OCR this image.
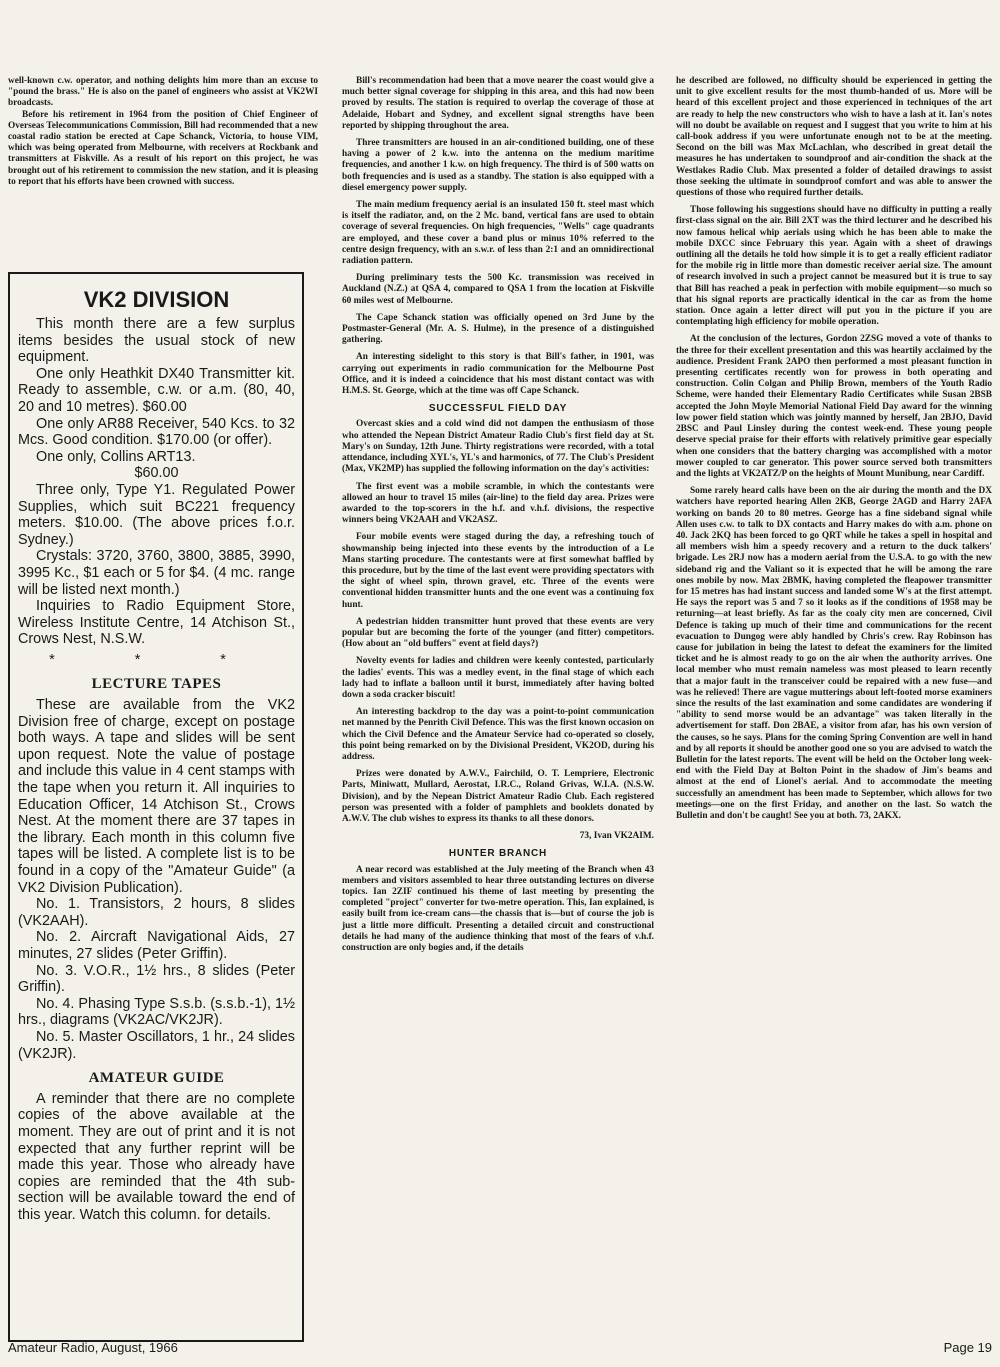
well-known c.w. operator, and nothing delights him more than an excuse to "pound the brass." He is also on the panel of engineers who assist at VK2WI broadcasts.

Before his retirement in 1964 from the position of Chief Engineer of Overseas Telecommunications Commission, Bill had recommended that a new coastal radio station be erected at Cape Schanck, Victoria, to house VIM, which was being operated from Melbourne, with receivers at Rockbank and transmitters at Fiskville. As a result of his report on this project, he was brought out of his retirement to commission the new station, and it is pleasing to report that his efforts have been crowned with success.

VK2 DIVISION

This month there are a few surplus items besides the usual stock of new equipment.

One only Heathkit DX40 Transmitter kit. Ready to assemble, c.w. or a.m. (80, 40, 20 and 10 metres). $60.00

One only AR88 Receiver, 540 Kcs. to 32 Mcs. Good condition. $170.00 (or offer).

One only, Collins ART13.

$60.00

Three only, Type Y1. Regulated Power Supplies, which suit BC221 frequency meters. $10.00. (The above prices f.o.r. Sydney.)

Crystals: 3720, 3760, 3800, 3885, 3990, 3995 Kc., $1 each or 5 for $4. (4 mc. range will be listed next month.)

Inquiries to Radio Equipment Store, Wireless Institute Centre, 14 Atchison St., Crows Nest, N.S.W.

* * *

LECTURE TAPES

These are available from the VK2 Division free of charge, except on postage both ways. A tape and slides will be sent upon request. Note the value of postage and include this value in 4 cent stamps with the tape when you return it. All inquiries to Education Officer, 14 Atchison St., Crows Nest. At the moment there are 37 tapes in the library. Each month in this column five tapes will be listed. A complete list is to be found in a copy of the "Amateur Guide" (a VK2 Division Publication).

No. 1. Transistors, 2 hours, 8 slides (VK2AAH).

No. 2. Aircraft Navigational Aids, 27 minutes, 27 slides (Peter Griffin).

No. 3. V.O.R., 1½ hrs., 8 slides (Peter Griffin).

No. 4. Phasing Type S.s.b. (s.s.b.-1), 1½ hrs., diagrams (VK2AC/VK2JR).

No. 5. Master Oscillators, 1 hr., 24 slides (VK2JR).

AMATEUR GUIDE

A reminder that there are no complete copies of the above available at the moment. They are out of print and it is not expected that any further reprint will be made this year. Those who already have copies are reminded that the 4th sub-section will be available toward the end of this year. Watch this column. for details.

Bill's recommendation had been that a move nearer the coast would give a much better signal coverage for shipping in this area, and this had now been proved by results. The station is required to overlap the coverage of those at Adelaide, Hobart and Sydney, and excellent signal strengths have been reported by shipping throughout the area.

Three transmitters are housed in an air-conditioned building, one of these having a power of 2 k.w. into the antenna on the medium maritime frequencies, and another 1 k.w. on high frequency. The third is of 500 watts on both frequencies and is used as a standby. The station is also equipped with a diesel emergency power supply.

The main medium frequency aerial is an insulated 150 ft. steel mast which is itself the radiator, and, on the 2 Mc. band, vertical fans are used to obtain coverage of several frequencies. On high frequencies, "Wells" cage quadrants are employed, and these cover a band plus or minus 10% referred to the centre design frequency, with an s.w.r. of less than 2:1 and an omnidirectional radiation pattern.

During preliminary tests the 500 Kc. transmission was received in Auckland (N.Z.) at QSA 4, compared to QSA 1 from the location at Fiskville 60 miles west of Melbourne.

The Cape Schanck station was officially opened on 3rd June by the Postmaster-General (Mr. A. S. Hulme), in the presence of a distinguished gathering.

An interesting sidelight to this story is that Bill's father, in 1901, was carrying out experiments in radio communication for the Melbourne Post Office, and it is indeed a coincidence that his most distant contact was with H.M.S. St. George, which at the time was off Cape Schanck.

SUCCESSFUL FIELD DAY

Overcast skies and a cold wind did not dampen the enthusiasm of those who attended the Nepean District Amateur Radio Club's first field day at St. Mary's on Sunday, 12th June. Thirty registrations were recorded, with a total attendance, including XYL's, YL's and harmonics, of 77. The Club's President (Max, VK2MP) has supplied the following information on the day's activities:

The first event was a mobile scramble, in which the contestants were allowed an hour to travel 15 miles (air-line) to the field day area. Prizes were awarded to the top-scorers in the h.f. and v.h.f. divisions, the respective winners being VK2AAH and VK2ASZ.

Four mobile events were staged during the day, a refreshing touch of showmanship being injected into these events by the introduction of a Le Mans starting procedure. The contestants were at first somewhat baffled by this procedure, but by the time of the last event were providing spectators with the sight of wheel spin, thrown gravel, etc. Three of the events were conventional hidden transmitter hunts and the one event was a continuing fox hunt.

A pedestrian hidden transmitter hunt proved that these events are very popular but are becoming the forte of the younger (and fitter) competitors. (How about an "old buffers" event at field days?)

Novelty events for ladies and children were keenly contested, particularly the ladies' events. This was a medley event, in the final stage of which each lady had to inflate a balloon until it burst, immediately after having bolted down a soda cracker biscuit!

An interesting backdrop to the day was a point-to-point communication net manned by the Penrith Civil Defence. This was the first known occasion on which the Civil Defence and the Amateur Service had co-operated so closely, this point being remarked on by the Divisional President, VK2OD, during his address.

Prizes were donated by A.W.V., Fairchild, O. T. Lempriere, Electronic Parts, Miniwatt, Mullard, Aerostat, I.R.C., Roland Grivas, W.I.A. (N.S.W. Division), and by the Nepean District Amateur Radio Club. Each registered person was presented with a folder of pamphlets and booklets donated by A.W.V. The club wishes to express its thanks to all these donors.

73, Ivan VK2AIM.

HUNTER BRANCH

A near record was established at the July meeting of the Branch when 43 members and visitors assembled to hear three outstanding lectures on diverse topics. Ian 2ZIF continued his theme of last meeting by presenting the completed "project" converter for two-metre operation. This, Ian explained, is easily built from ice-cream cans—the chassis that is—but of course the job is just a little more difficult. Presenting a detailed circuit and constructional details he had many of the audience thinking that most of the fears of v.h.f. construction are only bogies and, if the details

he described are followed, no difficulty should be experienced in getting the unit to give excellent results for the most thumb-handed of us. More will be heard of this excellent project and those experienced in techniques of the art are ready to help the new constructors who wish to have a lash at it. Ian's notes will no doubt be available on request and I suggest that you write to him at his call-book address if you were unfortunate enough not to be at the meeting. Second on the bill was Max McLachlan, who described in great detail the measures he has undertaken to soundproof and air-condition the shack at the Westlakes Radio Club. Max presented a folder of detailed drawings to assist those seeking the ultimate in soundproof comfort and was able to answer the questions of those who required further details.

Those following his suggestions should have no difficulty in putting a really first-class signal on the air. Bill 2XT was the third lecturer and he described his now famous helical whip aerials using which he has been able to make the mobile DXCC since February this year. Again with a sheet of drawings outlining all the details he told how simple it is to get a really efficient radiator for the mobile rig in little more than domestic receiver aerial size. The amount of research involved in such a project cannot be measured but it is true to say that Bill has reached a peak in perfection with mobile equipment—so much so that his signal reports are practically identical in the car as from the home station. Once again a letter direct will put you in the picture if you are contemplating high efficiency for mobile operation.

At the conclusion of the lectures, Gordon 2ZSG moved a vote of thanks to the three for their excellent presentation and this was heartily acclaimed by the audience. President Frank 2APO then performed a most pleasant function in presenting certificates recently won for prowess in both operating and construction. Colin Colgan and Philip Brown, members of the Youth Radio Scheme, were handed their Elementary Radio Certificates while Susan 2BSB accepted the John Moyle Memorial National Field Day award for the winning low power field station which was jointly manned by herself, Jan 2BJO, David 2BSC and Paul Linsley during the contest week-end. These young people deserve special praise for their efforts with relatively primitive gear especially when one considers that the battery charging was accomplished with a motor mower coupled to car generator. This power source served both transmitters and the lights at VK2ATZ/P on the heights of Mount Munibung, near Cardiff.

Some rarely heard calls have been on the air during the month and the DX watchers have reported hearing Allen 2KB, George 2AGD and Harry 2AFA working on bands 20 to 80 metres. George has a fine sideband signal while Allen uses c.w. to talk to DX contacts and Harry makes do with a.m. phone on 40. Jack 2KQ has been forced to go QRT while he takes a spell in hospital and all members wish him a speedy recovery and a return to the duck talkers' brigade. Les 2RJ now has a modern aerial from the U.S.A. to go with the new sideband rig and the Valiant so it is expected that he will be among the rare ones mobile by now. Max 2BMK, having completed the fleapower transmitter for 15 metres has had instant success and landed some W's at the first attempt. He says the report was 5 and 7 so it looks as if the conditions of 1958 may be returning—at least briefly. As far as the coaly city men are concerned, Civil Defence is taking up much of their time and communications for the recent evacuation to Dungog were ably handled by Chris's crew. Ray Robinson has cause for jubilation in being the latest to defeat the examiners for the limited ticket and he is almost ready to go on the air when the authority arrives. One local member who must remain nameless was most pleased to learn recently that a major fault in the transceiver could be repaired with a new fuse—and was he relieved! There are vague mutterings about left-footed morse examiners since the results of the last examination and some candidates are wondering if "ability to send morse would be an advantage" was taken literally in the advertisement for staff. Don 2BAE, a visitor from afar, has his own version of the causes, so he says. Plans for the coming Spring Convention are well in hand and by all reports it should be another good one so you are advised to watch the Bulletin for the latest reports. The event will be held on the October long week-end with the Field Day at Bolton Point in the shadow of Jim's beams and almost at the end of Lionel's aerial. And to accommodate the meeting successfully an amendment has been made to September, which allows for two meetings—one on the first Friday, and another on the last. So watch the Bulletin and don't be caught! See you at both. 73, 2AKX.

Amateur Radio, August, 1966	Page 19
